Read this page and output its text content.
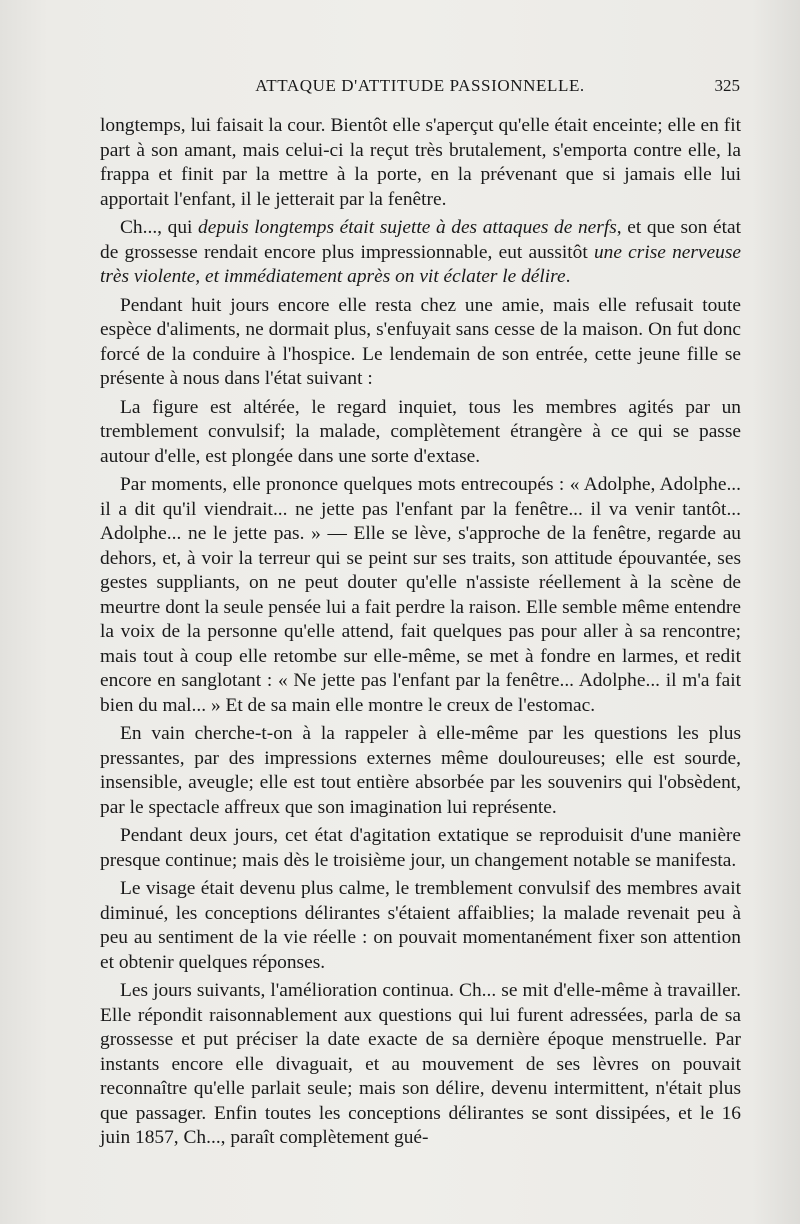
ATTAQUE D'ATTITUDE PASSIONNELLE.	325

longtemps, lui faisait la cour. Bientôt elle s'aperçut qu'elle était enceinte; elle en fit part à son amant, mais celui-ci la reçut très brutalement, s'emporta contre elle, la frappa et finit par la mettre à la porte, en la prévenant que si jamais elle lui apportait l'enfant, il le jetterait par la fenêtre.

Ch..., qui depuis longtemps était sujette à des attaques de nerfs, et que son état de grossesse rendait encore plus impressionnable, eut aussitôt une crise nerveuse très violente, et immédiatement après on vit éclater le délire.

Pendant huit jours encore elle resta chez une amie, mais elle refusait toute espèce d'aliments, ne dormait plus, s'enfuyait sans cesse de la maison. On fut donc forcé de la conduire à l'hospice. Le lendemain de son entrée, cette jeune fille se présente à nous dans l'état suivant :

La figure est altérée, le regard inquiet, tous les membres agités par un tremblement convulsif; la malade, complètement étrangère à ce qui se passe autour d'elle, est plongée dans une sorte d'extase.

Par moments, elle prononce quelques mots entrecoupés : « Adolphe, Adolphe... il a dit qu'il viendrait... ne jette pas l'enfant par la fenêtre... il va venir tantôt... Adolphe... ne le jette pas. » — Elle se lève, s'approche de la fenêtre, regarde au dehors, et, à voir la terreur qui se peint sur ses traits, son attitude épouvantée, ses gestes suppliants, on ne peut douter qu'elle n'assiste réellement à la scène de meurtre dont la seule pensée lui a fait perdre la raison. Elle semble même entendre la voix de la personne qu'elle attend, fait quelques pas pour aller à sa rencontre; mais tout à coup elle retombe sur elle-même, se met à fondre en larmes, et redit encore en sanglotant : « Ne jette pas l'enfant par la fenêtre... Adolphe... il m'a fait bien du mal... » Et de sa main elle montre le creux de l'estomac.

En vain cherche-t-on à la rappeler à elle-même par les questions les plus pressantes, par des impressions externes même douloureuses; elle est sourde, insensible, aveugle; elle est tout entière absorbée par les souvenirs qui l'obsèdent, par le spectacle affreux que son imagination lui représente.

Pendant deux jours, cet état d'agitation extatique se reproduisit d'une manière presque continue; mais dès le troisième jour, un changement notable se manifesta.

Le visage était devenu plus calme, le tremblement convulsif des membres avait diminué, les conceptions délirantes s'étaient affaiblies; la malade revenait peu à peu au sentiment de la vie réelle : on pouvait momentanément fixer son attention et obtenir quelques réponses.

Les jours suivants, l'amélioration continua. Ch... se mit d'elle-même à travailler. Elle répondit raisonnablement aux questions qui lui furent adressées, parla de sa grossesse et put préciser la date exacte de sa dernière époque menstruelle. Par instants encore elle divaguait, et au mouvement de ses lèvres on pouvait reconnaître qu'elle parlait seule; mais son délire, devenu intermittent, n'était plus que passager. Enfin toutes les conceptions délirantes se sont dissipées, et le 16 juin 1857, Ch..., paraît complètement gué-
